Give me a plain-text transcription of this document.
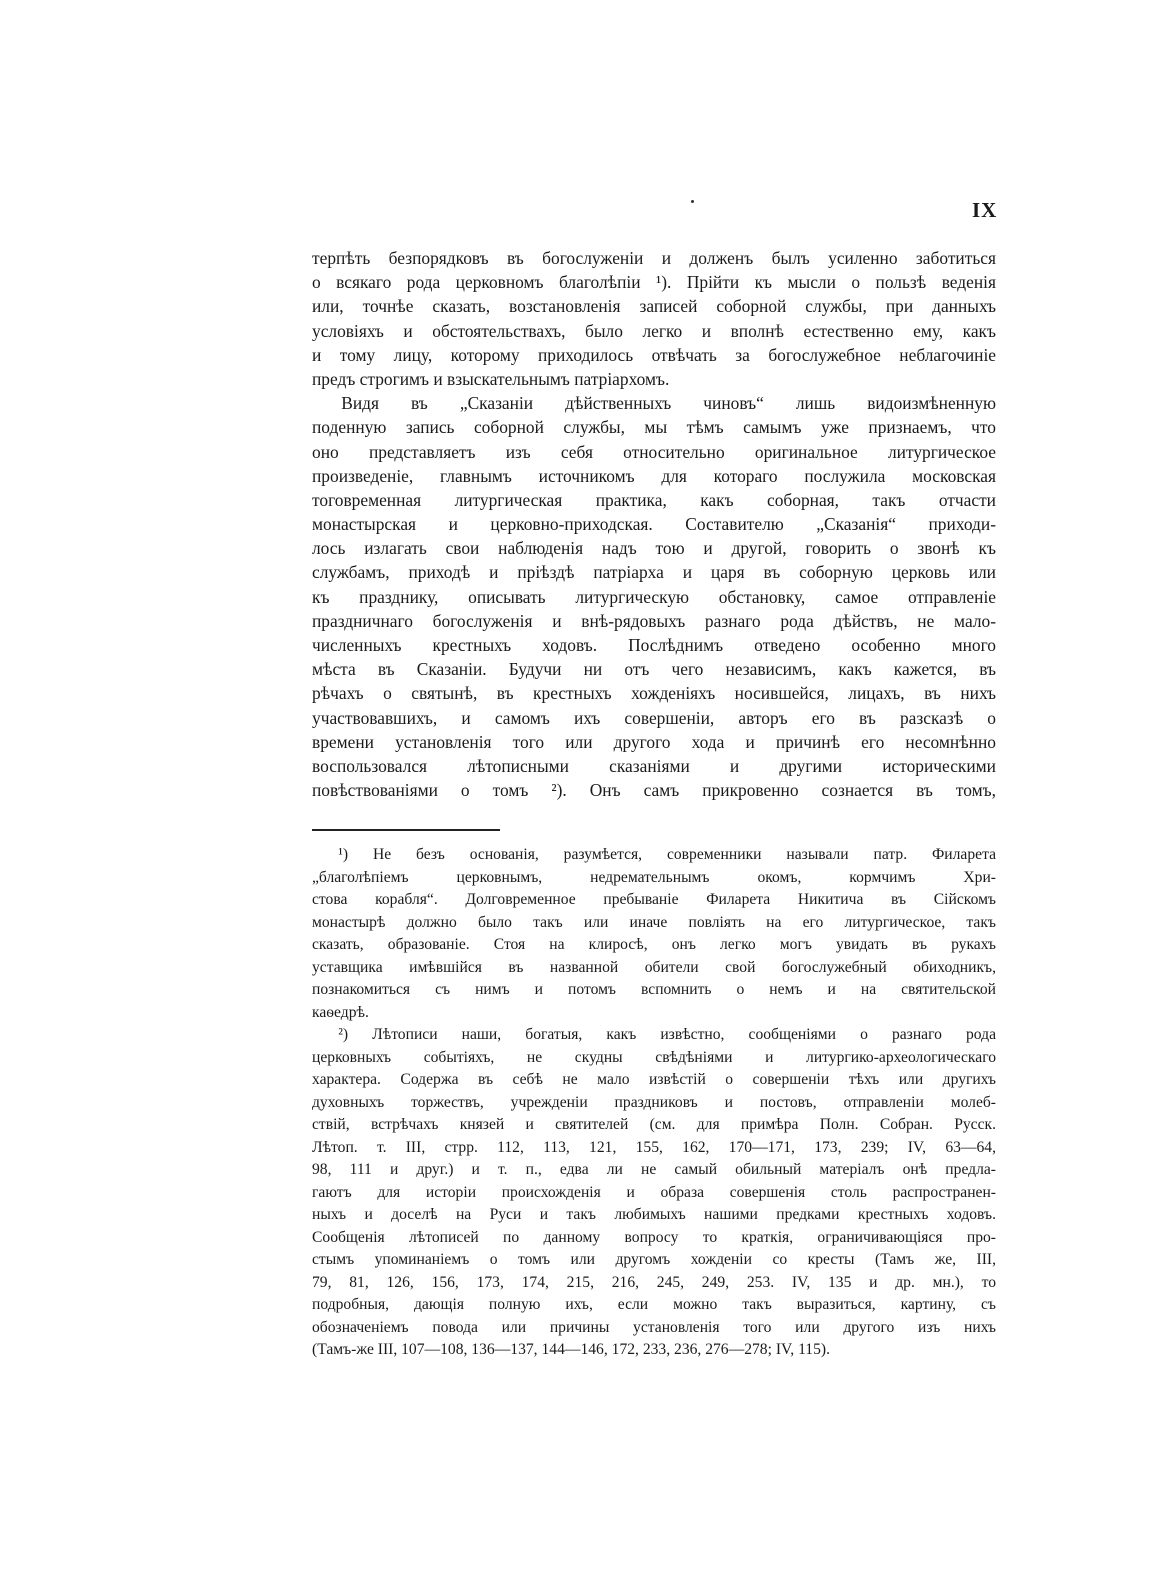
IX
терпѣть безпорядковъ въ богослуженіи и долженъ былъ усиленно заботиться
о всякаго рода церковномъ благолѣпіи ¹). Прійти къ мысли о пользѣ веденія
или, точнѣе сказать, возстановленія записей соборной службы, при данныхъ
условіяхъ и обстоятельствахъ, было легко и вполнѣ естественно ему, какъ
и тому лицу, которому приходилось отвѣчать за богослужебное неблагочиніе
предъ строгимъ и взыскательнымъ патріархомъ.
Видя въ „Сказаніи дѣйственныхъ чиновъ“ лишь видоизмѣненную
поденную запись соборной службы, мы тѣмъ самымъ уже признаемъ, что
оно представляетъ изъ себя относительно оригинальное литургическое
произведеніе, главнымъ источникомъ для котораго послужила московская
тоговременная литургическая практика, какъ соборная, такъ отчасти
монастырская и церковно-приходская. Составителю „Сказанія“ приходи-
лось излагать свои наблюденія надъ тою и другой, говорить о звонѣ къ
службамъ, приходѣ и пріѣздѣ патріарха и царя въ соборную церковь или
къ празднику, описывать литургическую обстановку, самое отправленіе
праздничнаго богослуженія и внѣ-рядовыхъ разнаго рода дѣйствъ, не мало-
численныхъ крестныхъ ходовъ. Послѣднимъ отведено особенно много
мѣста въ Сказаніи. Будучи ни отъ чего независимъ, какъ кажется, въ
рѣчахъ о святынѣ, въ крестныхъ хожденіяхъ носившейся, лицахъ, въ нихъ
участвовавшихъ, и самомъ ихъ совершеніи, авторъ его въ разсказѣ о
времени установленія того или другого хода и причинѣ его несомнѣнно
воспользовался лѣтописными сказаніями и другими историческими
повѣствованіями о томъ ²). Онъ самъ прикровенно сознается въ томъ,
¹) Не безъ основанія, разумѣется, современники называли патр. Филарета
„благолѣпіемъ церковнымъ, недремательнымъ окомъ, кормчимъ Хри-
стова корабля“. Долговременное пребываніе Филарета Никитича въ Сійскомъ
монастырѣ должно было такъ или иначе повліять на его литургическое, такъ
сказать, образованіе. Стоя на клиросѣ, онъ легко могъ увидать въ рукахъ
уставщика имѣвшійся въ названной обители свой богослужебный обиходникъ,
познакомиться съ нимъ и потомъ вспомнить о немъ и на святительской
каѳедрѣ.
²) Лѣтописи наши, богатыя, какъ извѣстно, сообщеніями о разнаго рода
церковныхъ событіяхъ, не скудны свѣдѣніями и литургико-археологическаго
характера. Содержа въ себѣ не мало извѣстій о совершеніи тѣхъ или другихъ
духовныхъ торжествъ, учрежденіи праздниковъ и постовъ, отправленіи молеб-
ствій, встрѣчахъ князей и святителей (см. для примѣра Полн. Собран. Русск.
Лѣтоп. т. III, стрр. 112, 113, 121, 155, 162, 170—171, 173, 239; IV, 63—64,
98, 111 и друг.) и т. п., едва ли не самый обильный матеріалъ онѣ предла-
гаютъ для исторіи происхожденія и образа совершенія столь распространен-
ныхъ и доселѣ на Руси и такъ любимыхъ нашими предками крестныхъ ходовъ.
Сообщенія лѣтописей по данному вопросу то краткія, ограничивающіяся про-
стымъ упоминаніемъ о томъ или другомъ хожденіи со кресты (Тамъ же, III,
79, 81, 126, 156, 173, 174, 215, 216, 245, 249, 253. IV, 135 и др. мн.), то
подробныя, дающія полную ихъ, если можно такъ выразиться, картину, съ
обозначеніемъ повода или причины установленія того или другого изъ нихъ
(Тамъ-же III, 107—108, 136—137, 144—146, 172, 233, 236, 276—278; IV, 115).
